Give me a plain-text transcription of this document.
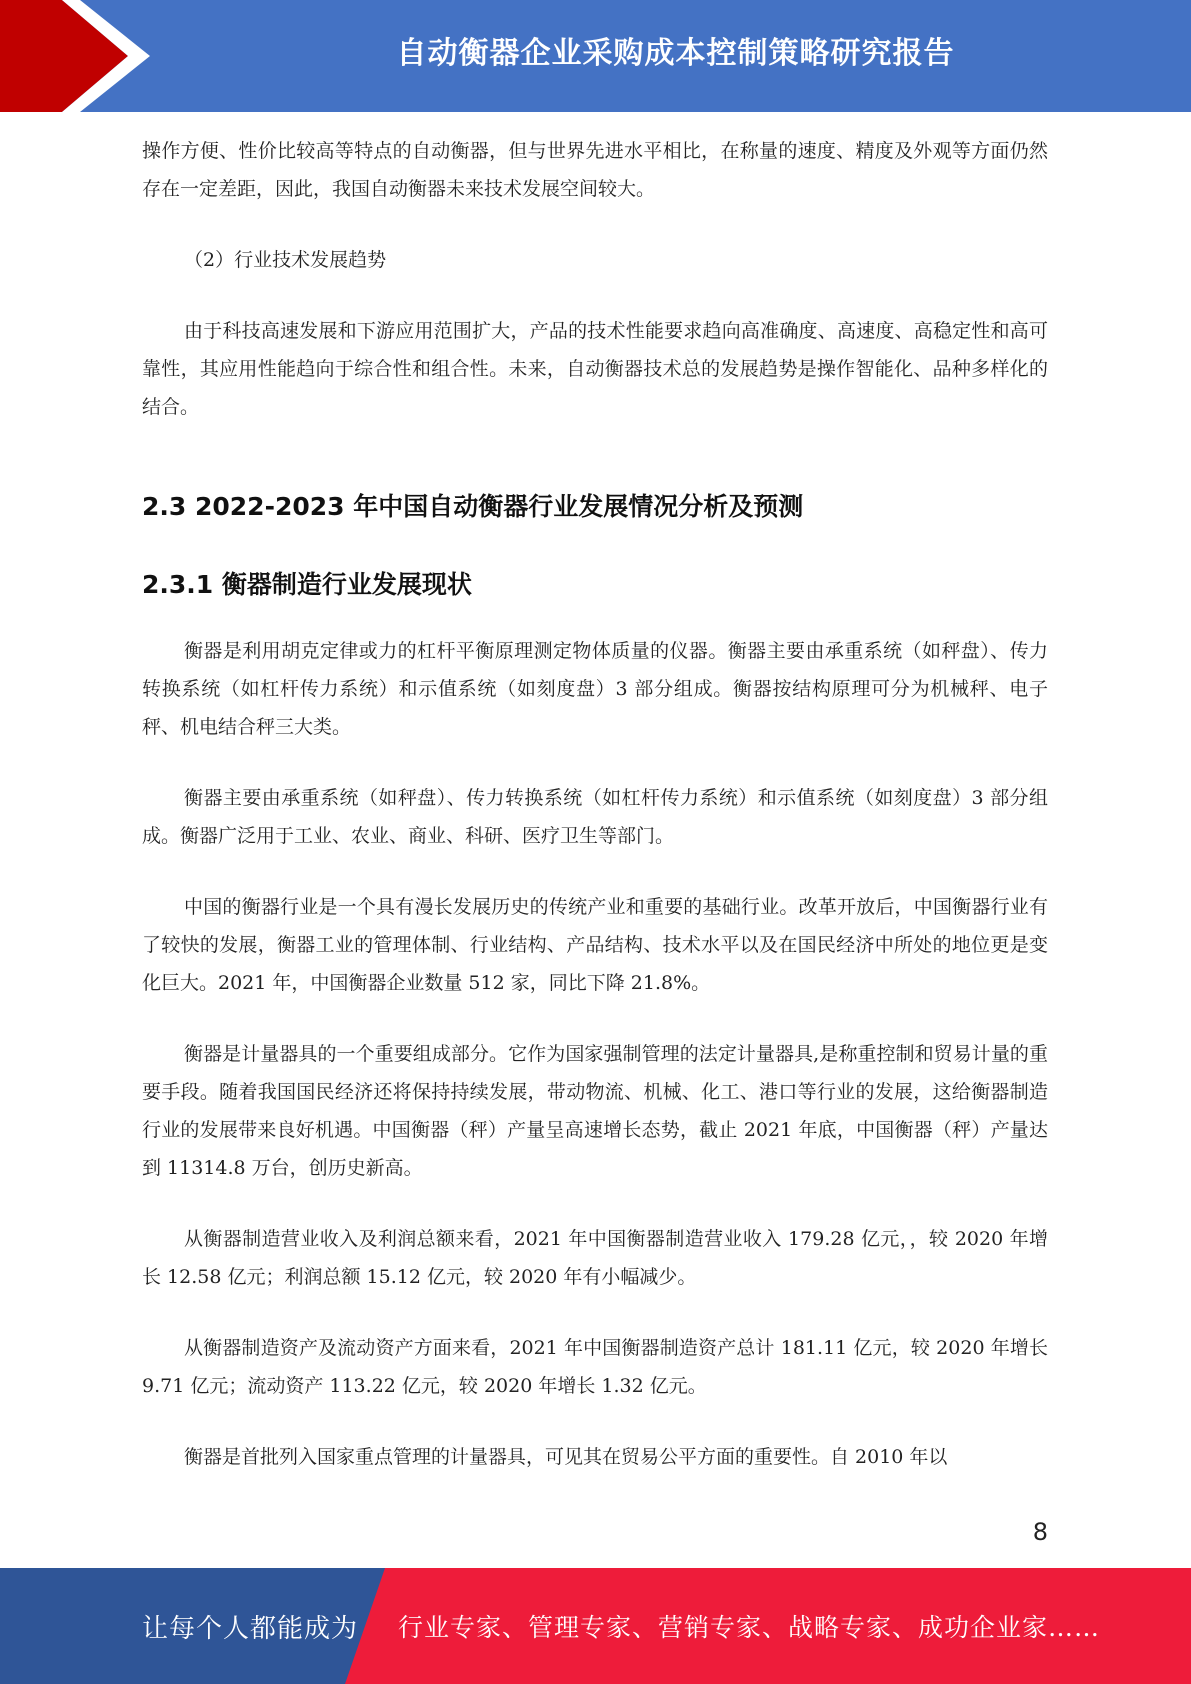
自动衡器企业采购成本控制策略研究报告

操作方便、性价比较高等特点的自动衡器，但与世界先进水平相比，在称量的速度、精度及外观等方面仍然存在一定差距，因此，我国自动衡器未来技术发展空间较大。

（2）行业技术发展趋势

由于科技高速发展和下游应用范围扩大，产品的技术性能要求趋向高准确度、高速度、高稳定性和高可靠性，其应用性能趋向于综合性和组合性。未来，自动衡器技术总的发展趋势是操作智能化、品种多样化的结合。

2.3 2022-2023 年中国自动衡器行业发展情况分析及预测
2.3.1 衡器制造行业发展现状

衡器是利用胡克定律或力的杠杆平衡原理测定物体质量的仪器。衡器主要由承重系统（如秤盘）、传力转换系统（如杠杆传力系统）和示值系统（如刻度盘）3 部分组成。衡器按结构原理可分为机械秤、电子秤、机电结合秤三大类。

衡器主要由承重系统（如秤盘）、传力转换系统（如杠杆传力系统）和示值系统（如刻度盘）3 部分组成。衡器广泛用于工业、农业、商业、科研、医疗卫生等部门。

中国的衡器行业是一个具有漫长发展历史的传统产业和重要的基础行业。改革开放后，中国衡器行业有了较快的发展，衡器工业的管理体制、行业结构、产品结构、技术水平以及在国民经济中所处的地位更是变化巨大。2021 年，中国衡器企业数量 512 家，同比下降 21.8%。

衡器是计量器具的一个重要组成部分。它作为国家强制管理的法定计量器具,是称重控制和贸易计量的重要手段。随着我国国民经济还将保持持续发展，带动物流、机械、化工、港口等行业的发展，这给衡器制造行业的发展带来良好机遇。中国衡器（秤）产量呈高速增长态势，截止 2021 年底，中国衡器（秤）产量达到 11314.8 万台，创历史新高。

从衡器制造营业收入及利润总额来看，2021 年中国衡器制造营业收入 179.28 亿元，，较 2020 年增长 12.58 亿元；利润总额 15.12 亿元，较 2020 年有小幅减少。

从衡器制造资产及流动资产方面来看，2021 年中国衡器制造资产总计 181.11 亿元，较 2020 年增长 9.71 亿元；流动资产 113.22 亿元，较 2020 年增长 1.32 亿元。

衡器是首批列入国家重点管理的计量器具，可见其在贸易公平方面的重要性。自 2010 年以

8
让每个人都能成为 行业专家、管理专家、营销专家、战略专家、成功企业家……
